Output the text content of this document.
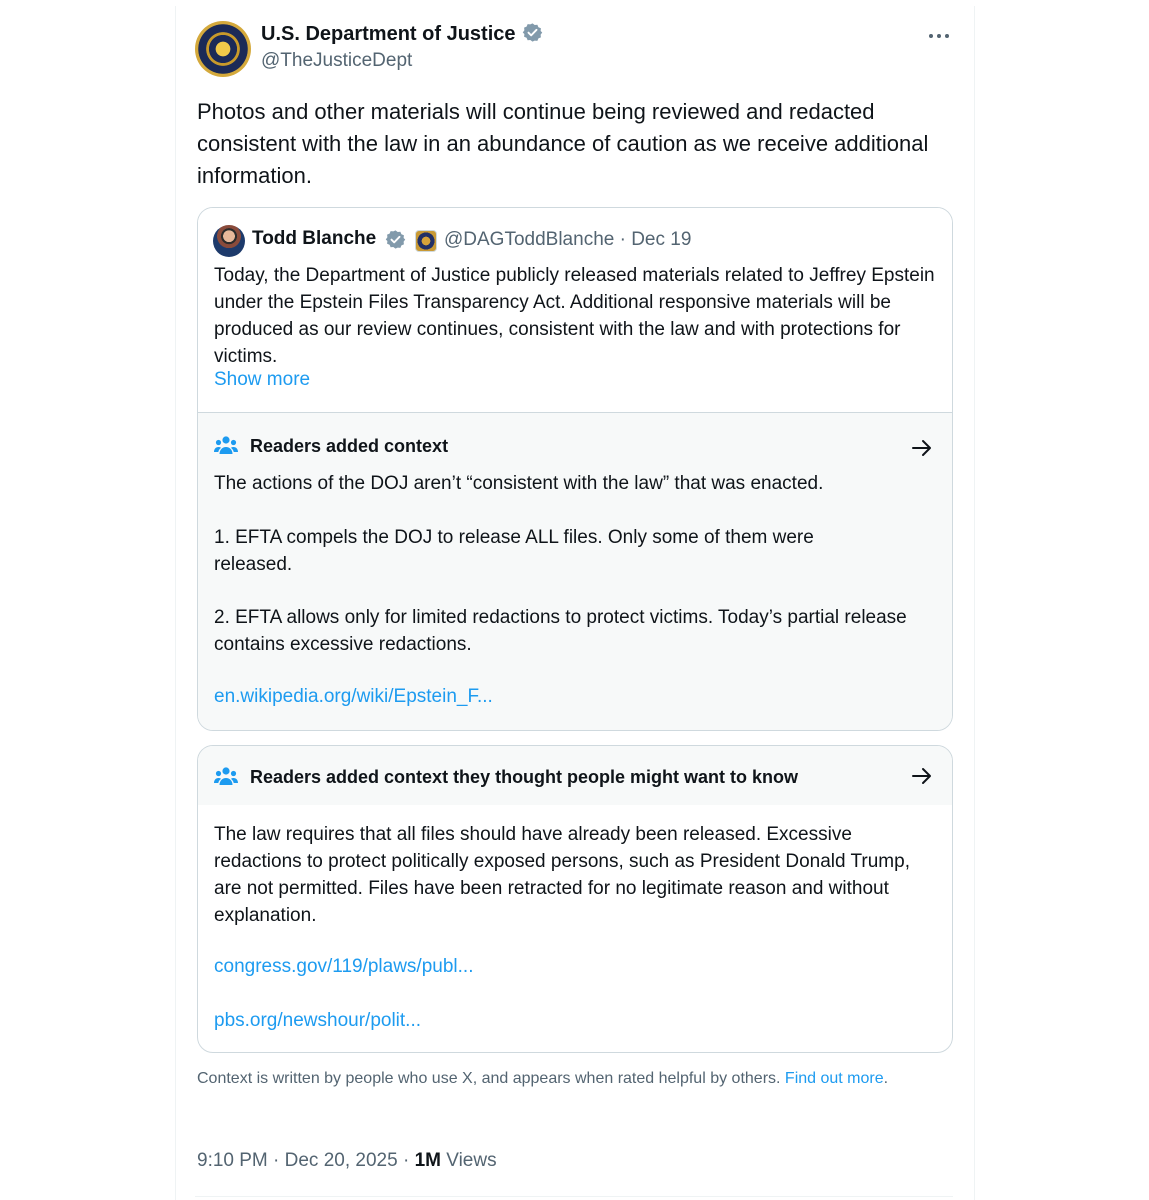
U.S. Department of Justice
@TheJusticeDept
Photos and other materials will continue being reviewed and redacted consistent with the law in an abundance of caution as we receive additional information.
Todd Blanche	@DAGToddBlanche · Dec 19
Today, the Department of Justice publicly released materials related to Jeffrey Epstein under the Epstein Files Transparency Act. Additional responsive materials will be produced as our review continues, consistent with the law and with protections for victims.
Show more
Readers added context
The actions of the DOJ aren’t “consistent with the law” that was enacted.
1. EFTA compels the DOJ to release ALL files. Only some of them were released.
2. EFTA allows only for limited redactions to protect victims. Today’s partial release contains excessive redactions.
en.wikipedia.org/wiki/Epstein_F...
Readers added context they thought people might want to know
The law requires that all files should have already been released. Excessive redactions to protect politically exposed persons, such as President Donald Trump, are not permitted. Files have been retracted for no legitimate reason and without explanation.
congress.gov/119/plaws/publ...
pbs.org/newshour/polit...
Context is written by people who use X, and appears when rated helpful by others. Find out more.
9:10 PM · Dec 20, 2025 · 1M Views
